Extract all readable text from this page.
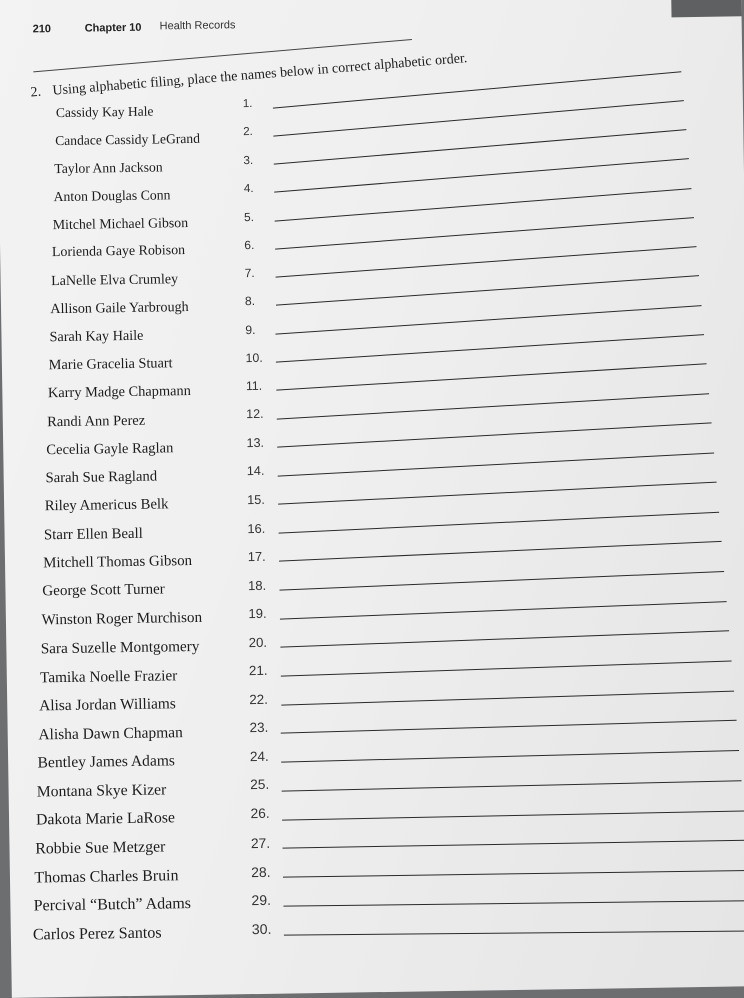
210	Chapter 10 Health Records
2. Using alphabetic filing, place the names below in correct alphabetic order.
Cassidy Kay Hale	1.
Candace Cassidy LeGrand	2.
Taylor Ann Jackson	3.
Anton Douglas Conn	4.
Mitchel Michael Gibson	5.
Lorienda Gaye Robison	6.
LaNelle Elva Crumley	7.
Allison Gaile Yarbrough	8.
Sarah Kay Haile	9.
Marie Gracelia Stuart	10.
Karry Madge Chapmann	11.
Randi Ann Perez	12.
Cecelia Gayle Raglan	13.
Sarah Sue Ragland	14.
Riley Americus Belk	15.
Starr Ellen Beall	16.
Mitchell Thomas Gibson	17.
George Scott Turner	18.
Winston Roger Murchison	19.
Sara Suzelle Montgomery	20.
Tamika Noelle Frazier	21.
Alisa Jordan Williams	22.
Alisha Dawn Chapman	23.
Bentley James Adams	24.
Montana Skye Kizer	25.
Dakota Marie LaRose	26.
Robbie Sue Metzger	27.
Thomas Charles Bruin	28.
Percival “Butch” Adams	29.
Carlos Perez Santos	30.
